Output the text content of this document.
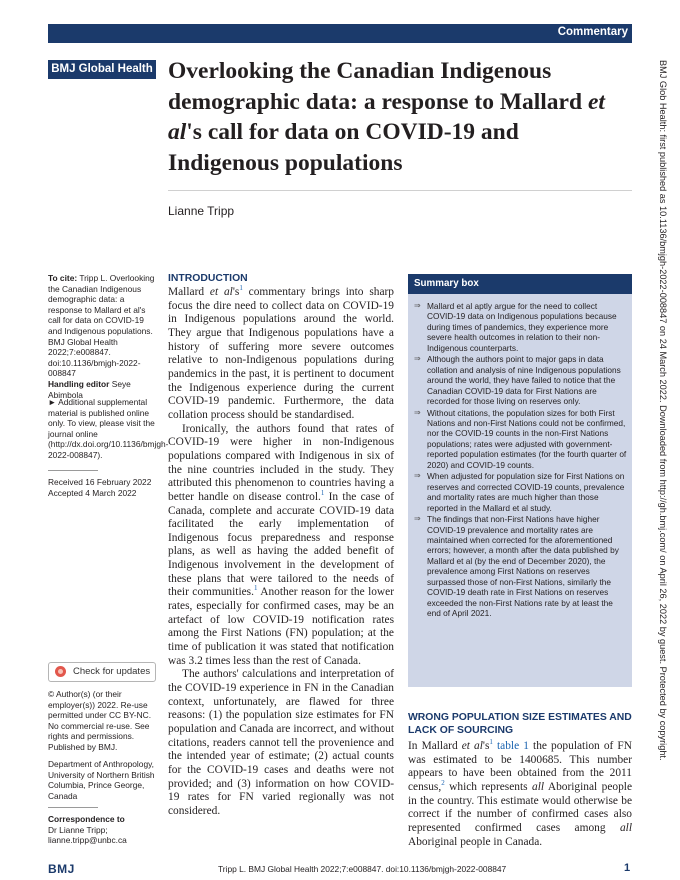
Commentary
BMJ Global Health Overlooking the Canadian Indigenous demographic data: a response to Mallard et al's call for data on COVID-19 and Indigenous populations
Lianne Tripp
To cite: Tripp L. Overlooking the Canadian Indigenous demographic data: a response to Mallard et al's call for data on COVID-19 and Indigenous populations. BMJ Global Health 2022;7:e008847. doi:10.1136/bmjgh-2022-008847
Handling editor Seye Abimbola
► Additional supplemental material is published online only. To view, please visit the journal online (http://dx.doi.org/10.1136/bmjgh-2022-008847).
Received 16 February 2022
Accepted 4 March 2022
Check for updates
© Author(s) (or their employer(s)) 2022. Re-use permitted under CC BY-NC. No commercial re-use. See rights and permissions. Published by BMJ.
Department of Anthropology, University of Northern British Columbia, Prince George, Canada
Correspondence to
Dr Lianne Tripp;
lianne.tripp@unbc.ca
INTRODUCTION

Mallard et $al's^1$ commentary brings into sharp focus the dire need to collect data on COVID-19 in Indigenous populations around the world. They argue that Indigenous populations have a history of suffering more severe outcomes relative to non-Indigenous populations during pandemics in the past, it is pertinent to document the Indigenous experience during the current COVID-19 pandemic. Furthermore, the data collation process should be standardised.

Ironically, the authors found that rates of COVID-19 were higher in non-Indigenous populations compared with Indigenous in six of the nine countries included in the study. They attributed this phenomenon to countries having a better handle on disease control.$^1$ In the case of Canada, complete and accurate COVID-19 data facilitated the early implementation of Indigenous focus preparedness and response plans, as well as having the added benefit of Indigenous involvement in the development of these plans that were tailored to the needs of their communities.$^1$ Another reason for the lower rates, especially for confirmed cases, may be an artefact of low COVID-19 notification rates among the First Nations (FN) population; at the time of publication it was stated that notification was 3.2 times less than the rest of Canada.

The authors' calculations and interpretation of the COVID-19 experience in FN in the Canadian context, unfortunately, are flawed for three reasons: (1) the population size estimates for FN population and Canada are incorrect, and without citations, readers cannot tell the provenience and the intended year of estimate; (2) actual counts for the COVID-19 cases and deaths were not provided; and (3) information on how COVID-19 rates for FN varied regionally was not considered.

Summary box
⇒ Mallard et al aptly argue for the need to collect COVID-19 data on Indigenous populations because during times of pandemics, they experience more severe health outcomes in relation to their non-Indigenous counterparts.
⇒ Although the authors point to major gaps in data collation and analysis of nine Indigenous populations around the world, they have failed to notice that the Canadian COVID-19 data for First Nations are recorded for those living on reserves only.
⇒ Without citations, the population sizes for both First Nations and non-First Nations could not be confirmed, nor the COVID-19 counts in the non-First Nations populations; rates were adjusted with government-reported population estimates (for the fourth quarter of 2020) and COVID-19 counts.
⇒ When adjusted for population size for First Nations on reserves and corrected COVID-19 counts, prevalence and mortality rates are much higher than those reported in the Mallard et al study.
⇒ The findings that non-First Nations have higher COVID-19 prevalence and mortality rates are maintained when corrected for the aforementioned errors; however, a month after the data published by Mallard et al (by the end of December 2020), the prevalence among First Nations on reserves surpassed those of non-First Nations, similarly the COVID-19 death rate in First Nations on reserves exceeded the non-First Nations rate by at least the end of April 2021.
WRONG POPULATION SIZE ESTIMATES AND LACK OF SOURCING

In Mallard et $al's^1$ table 1 the population of FN was estimated to be 1400685. This number appears to have been obtained from the 2011 census,$^2$ which represents all Aboriginal people in the country. This estimate would otherwise be correct if the number of confirmed cases also represented confirmed cases among all Aboriginal people in Canada.

BMJ Glob Health: first published as 10.1136/bmjgh-2022-008847 on 24 March 2022. Downloaded from http://gh.bmj.com/ on April 26, 2022 by guest. Protected by copyright.
BMJ	Tripp L. BMJ Global Health 2022;7:e008847. doi:10.1136/bmjgh-2022-008847	1
